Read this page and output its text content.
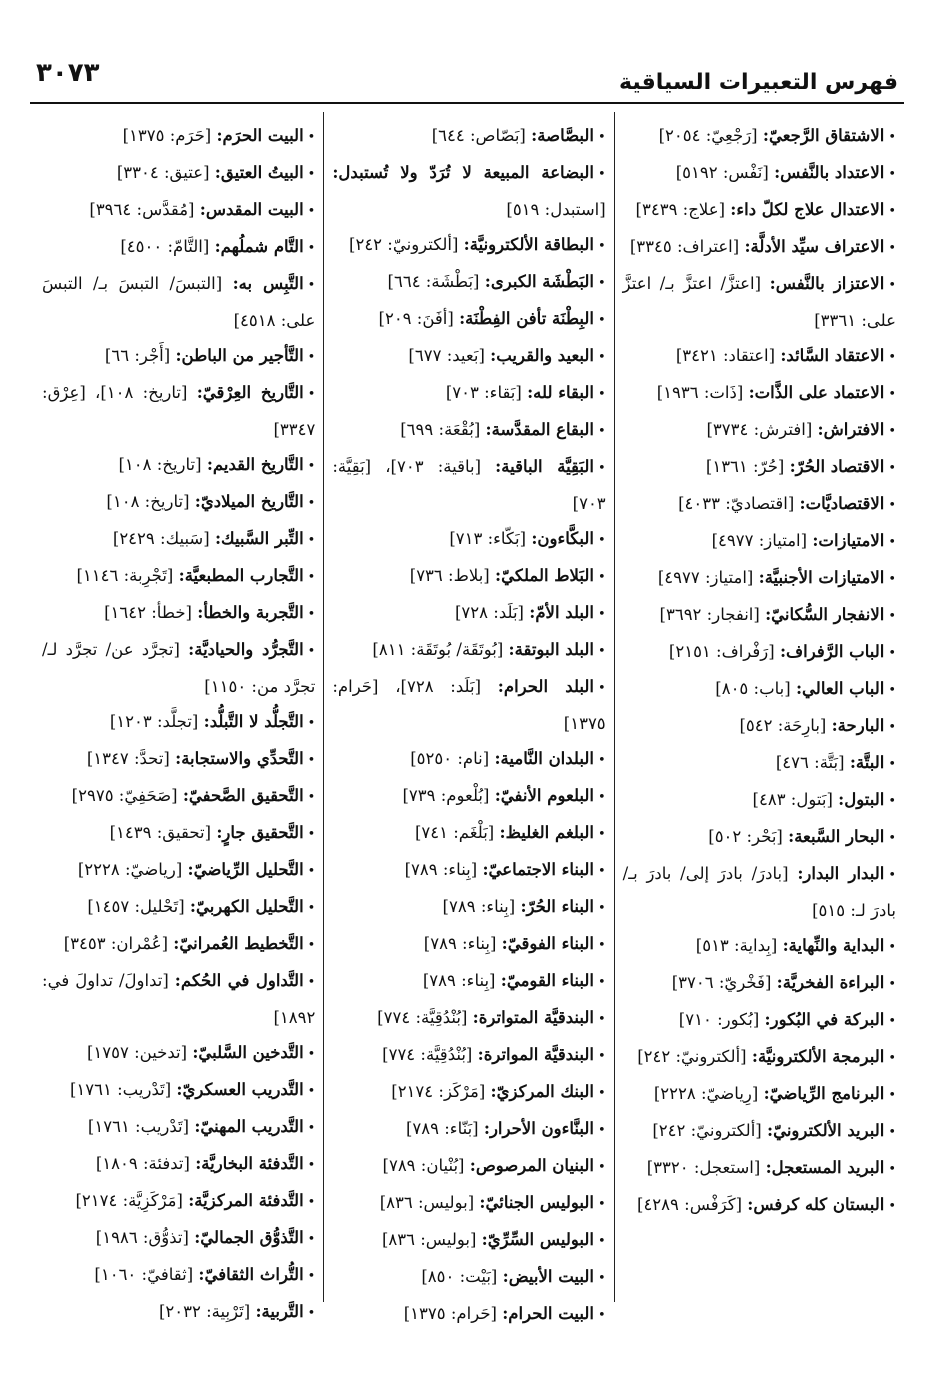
٣٠٧٣	فهرس التعبيرات السياقية
•الاشتقاق الرَّجعيّ: [رَجْعِيّ: ٢٠٥٤]
•الاعتداد بالنَّفس: [نَفْس: ٥١٩٢]
•الاعتدال علاج لكلّ داء: [علاج: ٣٤٣٩]
•الاعتراف سيِّد الأدلَّة: [اعتراف: ٣٣٤٥]
•الاعتزاز بالنَّفس: [اعتزَّ/ اعتزَّ بـ/ اعتزَّ على: ٣٣٦١]
•الاعتقاد السَّائد: [اعتقاد: ٣٤٢١]
•الاعتماد على الذَّات: [ذَات: ١٩٣٦]
•الافتراش: [افترش: ٣٧٣٤]
•الاقتصاد الحُرّ: [حُرّ: ١٣٦١]
•الاقتصاديَّات: [اقتصاديّ: ٤٠٣٣]
•الامتيازات: [امتياز: ٤٩٧٧]
•الامتيازات الأجنبيَّة: [امتياز: ٤٩٧٧]
•الانفجار السُّكانيّ: [انفجار: ٣٦٩٢]
•الباب الرَّفراف: [رَفْراف: ٢١٥١]
•الباب العالي: [باب: ٨٠٥]
•البارحة: [بارِحَة: ٥٤٢]
•البتَّة: [بَتَّة: ٤٧٦]
•البتول: [بَتول: ٤٨٣]
•البحار السَّبعة: [بَحْر: ٥٠٢]
•البدار البدار: [بادرَ/ بادرَ إلى/ بادرَ بـ/ بادرَ لـ: ٥١٥]
•البداية والنِّهاية: [بِداية: ٥١٣]
•البراءة الفخريَّة: [فَخْريّ: ٣٧٠٦]
•البركة في البُكور: [بُكور: ٧١٠]
•البرمجة الألكترونيَّة: [ألكترونيّ: ٢٤٢]
•البرنامج الرِّياضيّ: [رِياضيّ: ٢٢٢٨]
•البريد الألكترونيّ: [ألكترونيّ: ٢٤٢]
•البريد المستعجل: [استعجل: ٣٣٢٠]
•البستان كله كرفس: [كَرَفْس: ٤٢٨٩]
•البصَّاصة: [بَصّاص: ٦٤٤]
•البضاعة المبيعة لا تُرَدّ ولا تُستبدل: [استبدل: ٥١٩]
•البطاقة الألكترونيَّة: [ألكترونيّ: ٢٤٢]
•البَطْشَة الكبرى: [بَطْشَة: ٦٦٤]
•البِطْنَة تأفن الفِطْنَة: [أفَنَ: ٢٠٩]
•البعيد والقريب: [بَعيد: ٦٧٧]
•البقاء لله: [بَقاء: ٧٠٣]
•البقاع المقدَّسة: [بُقْعَة: ٦٩٩]
•البَقِيَّة الباقية: [باقية: ٧٠٣]، [بَقِيَّة: ٧٠٣]
•البكَّاءون: [بَكّاء: ٧١٣]
•البَلاط الملكيّ: [بلاط: ٧٣٦]
•البلد الأمّ: [بَلَد: ٧٢٨]
•البلد البوتقة: [بُوتَقَة/ بُوتَقَة: ٨١١]
•البلد الحرام: [بَلَد: ٧٢٨]، [حَرام: ١٣٧٥]
•البلدان النَّامية: [نام: ٥٢٥٠]
•البلعوم الأنفيّ: [بُلْعوم: ٧٣٩]
•البلغم الغليظ: [بَلْغَم: ٧٤١]
•البناء الاجتماعيّ: [بِناء: ٧٨٩]
•البناء الحُرّ: [بِناء: ٧٨٩]
•البناء الفوقيّ: [بِناء: ٧٨٩]
•البناء القوميّ: [بِناء: ٧٨٩]
•البندقيَّة المتواترة: [بُنْدُقِيَّة: ٧٧٤]
•البندقيَّة المواترة: [بُنْدُقِيَّة: ٧٧٤]
•البنك المركزيّ: [مَرْكَز: ٢١٧٤]
•البنَّاءون الأحرار: [بَنّاء: ٧٨٩]
•البنيان المرصوص: [بُنْيان: ٧٨٩]
•البوليس الجنائيّ: [بوليس: ٨٣٦]
•البوليس السِّرِّيّ: [بوليس: ٨٣٦]
•البيت الأبيض: [بَيْت: ٨٥٠]
•البيت الحرام: [حَرام: ١٣٧٥]
•البيت الحرَم: [حَرَم: ١٣٧٥]
•البيتُ العتيق: [عتيق: ٣٣٠٤]
•البيت المقدس: [مُقدَّس: ٣٩٦٤]
•التَّام شملُهم: [التَّامّ: ٤٥٠٠]
•التَّبِس به: [التبسَ/ التبسَ بـ/ التبسَ على: ٤٥١٨]
•التَّأجير من الباطن: [أَجْر: ٦٦]
•التَّاريخ العِرْقيّ: [تاريخ: ١٠٨]، [عِرْق: ٣٣٤٧]
•التَّاريخ القديم: [تاريخ: ١٠٨]
•التَّاريخ الميلاديّ: [تاريخ: ١٠٨]
•التِّبر السَّبيك: [سَبيك: ٢٤٢٩]
•التَّجارب المطبعيَّة: [تَجْرِبة: ١١٤٦]
•التَّجربة والخطأ: [خطأ: ١٦٤٢]
•التَّجرُّد والحياديَّة: [تجرَّد عن/ تجرَّد لـ/ تجرَّد من: ١١٥٠]
•التَّجلُّد لا التَّبلُّد: [تجلَّد: ١٢٠٣]
•التَّحدِّي والاستجابة: [تحدَّ: ١٣٤٧]
•التَّحقيق الصَّحفيّ: [صَحَفِيّ: ٢٩٧٥]
•التَّحقيق جارٍ: [تحقيق: ١٤٣٩]
•التَّحليل الرِّياضيّ: [رياضيّ: ٢٢٢٨]
•التَّحليل الكهربيّ: [تَحْليل: ١٤٥٧]
•التَّخطيط العُمرانيّ: [عُمْران: ٣٤٥٣]
•التَّداول في الحُكم: [تداولَ/ تداولَ في: ١٨٩٢]
•التَّدخين السَّلبيّ: [تدخين: ١٧٥٧]
•التَّدريب العسكريّ: [تَدْريب: ١٧٦١]
•التَّدريب المهنيّ: [تَدْريب: ١٧٦١]
•التَّدفئة البخاريَّة: [تدفئة: ١٨٠٩]
•التَّدفئة المركزيَّة: [مَرْكَزِيَّة: ٢١٧٤]
•التَّذوُّق الجماليّ: [تذوُّق: ١٩٨٦]
•التُّراث الثقافيّ: [ثقافيّ: ١٠٦٠]
•التَّربية: [تَرْبِية: ٢٠٣٢]
